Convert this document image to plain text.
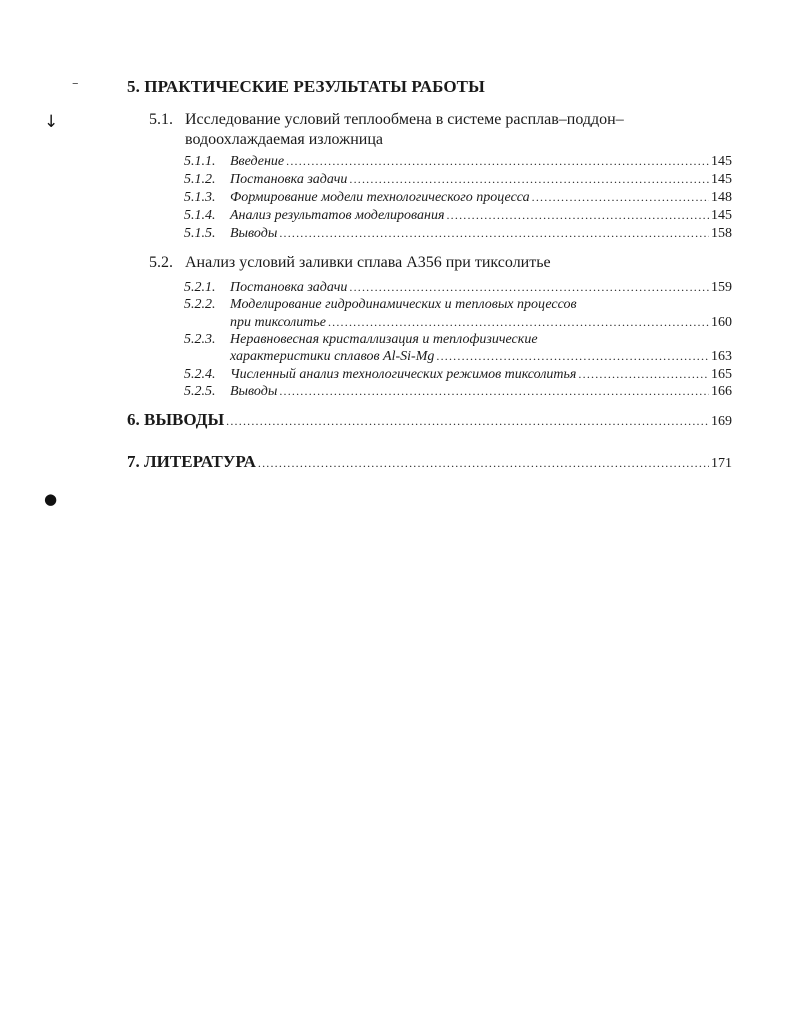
–
↓
●
5. ПРАКТИЧЕСКИЕ РЕЗУЛЬТАТЫ РАБОТЫ
5.1. Исследование условий теплообмена в системе расплав–поддон–
водоохлаждаемая изложница
5.1.1.	Введение .....	145
5.1.2.	Постановка задачи .....	145
5.1.3.	Формирование модели технологического процесса .....	148
5.1.4.	Анализ результатов моделирования .....	145
5.1.5.	Выводы .....	158
5.2. Анализ условий заливки сплава А356 при тиксолитье
5.2.1.	Постановка задачи .....	159
5.2.2.	Моделирование гидродинамических и тепловых процессов
при тиксолитье .....	160
5.2.3.	Неравновесная кристаллизация и теплофизические
характеристики сплавов Al-Si-Mg .....	163
5.2.4.	Численный анализ технологических режимов тиксолитья .....	165
5.2.5.	Выводы .....	166
6. ВЫВОДЫ .....	169
7. ЛИТЕРАТУРА .....	171
